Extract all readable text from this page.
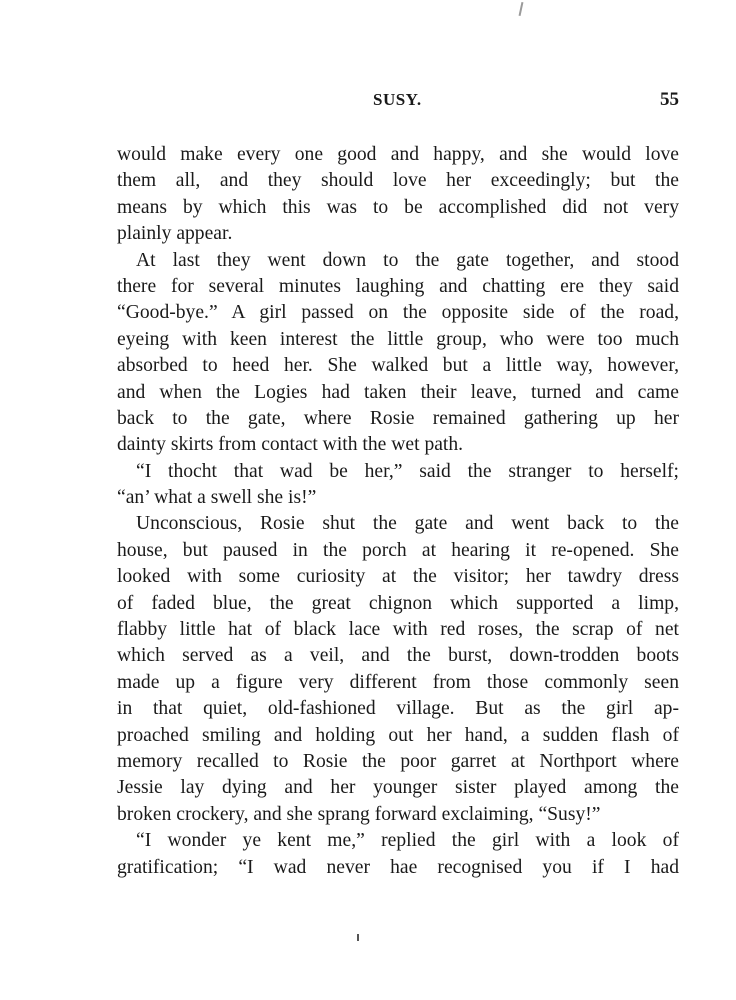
SUSY.	55
would make every one good and happy, and she would love
them all, and they should love her exceedingly; but the
means by which this was to be accomplished did not very
plainly appear.
At last they went down to the gate together, and stood
there for several minutes laughing and chatting ere they said
“Good-bye.” A girl passed on the opposite side of the road,
eyeing with keen interest the little group, who were too much
absorbed to heed her. She walked but a little way, however,
and when the Logies had taken their leave, turned and came
back to the gate, where Rosie remained gathering up her
dainty skirts from contact with the wet path.
“I thocht that wad be her,” said the stranger to herself;
“an’ what a swell she is!”
Unconscious, Rosie shut the gate and went back to the
house, but paused in the porch at hearing it re-opened. She
looked with some curiosity at the visitor; her tawdry dress
of faded blue, the great chignon which supported a limp,
flabby little hat of black lace with red roses, the scrap of net
which served as a veil, and the burst, down-trodden boots
made up a figure very different from those commonly seen
in that quiet, old-fashioned village. But as the girl ap-
proached smiling and holding out her hand, a sudden flash of
memory recalled to Rosie the poor garret at Northport where
Jessie lay dying and her younger sister played among the
broken crockery, and she sprang forward exclaiming, “Susy!”
“I wonder ye kent me,” replied the girl with a look of
gratification; “I wad never hae recognised you if I had
